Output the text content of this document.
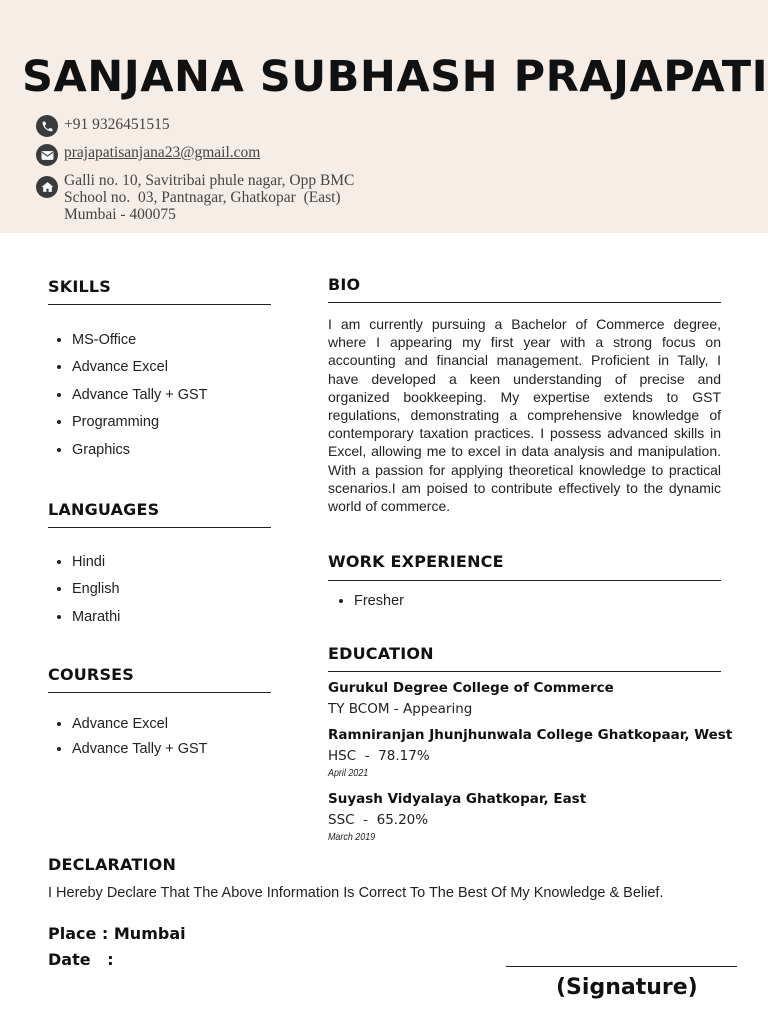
SANJANA SUBHASH PRAJAPATI
+91 9326451515
prajapatisanjana23@gmail.com
Galli no. 10, Savitribai phule nagar, Opp BMC
School no.  03, Pantnagar, Ghatkopar  (East)
Mumbai - 400075
SKILLS
• MS-Office
• Advance Excel
• Advance Tally + GST
• Programming
• Graphics
LANGUAGES
• Hindi
• English
• Marathi
COURSES
• Advance Excel
• Advance Tally + GST
BIO

I am currently pursuing a Bachelor of Commerce degree, where I appearing my first year with a strong focus on accounting and financial management. Proficient in Tally, I have developed a keen understanding of precise and organized bookkeeping. My expertise extends to GST regulations, demonstrating a comprehensive knowledge of contemporary taxation practices. I possess advanced skills in Excel, allowing me to excel in data analysis and manipulation. With a passion for applying theoretical knowledge to practical scenarios.I am poised to contribute effectively to the dynamic world of commerce.

WORK EXPERIENCE
• Fresher
EDUCATION
Gurukul Degree College of Commerce
TY BCOM - Appearing
Ramniranjan Jhunjhunwala College Ghatkopaar, West
HSC  -  78.17%
April 2021
Suyash Vidyalaya Ghatkopar, East
SSC  -  65.20%
March 2019
DECLARATION
I Hereby Declare That The Above Information Is Correct To The Best Of My Knowledge & Belief.
Place : Mumbai
Date   :
(Signature)
